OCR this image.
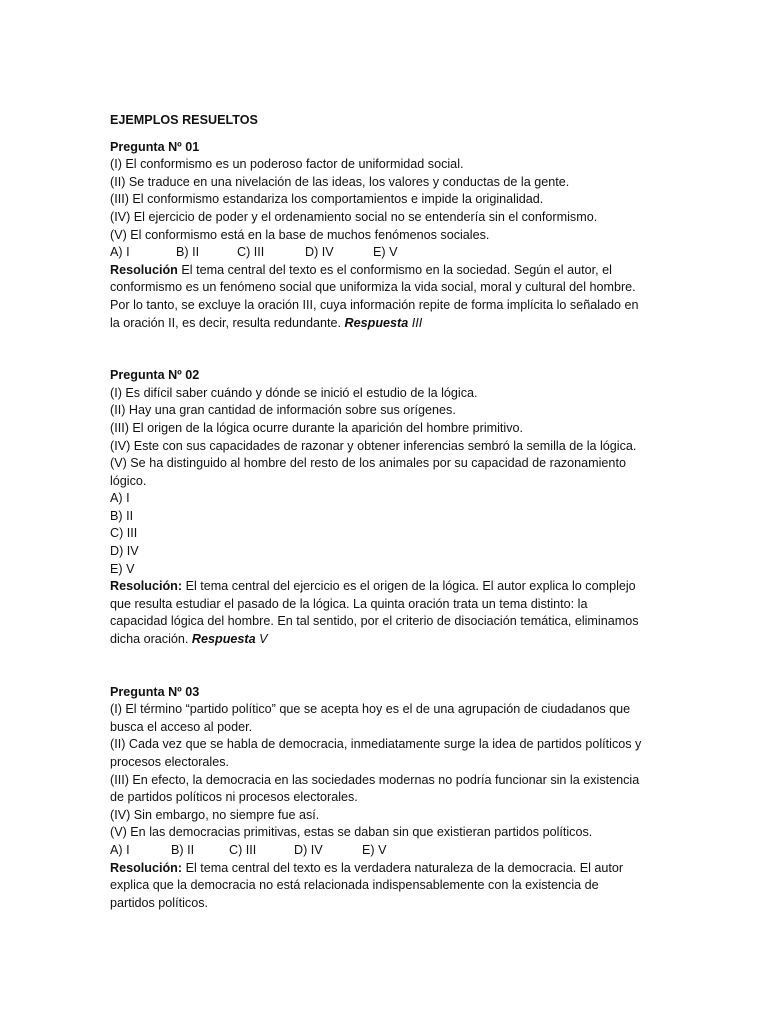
EJEMPLOS RESUELTOS
Pregunta Nº 01
(I) El conformismo es un poderoso factor de uniformidad social.
(II) Se traduce en una nivelación de las ideas, los valores y conductas de la gente.
(III) El conformismo estandariza los comportamientos e impide la originalidad.
(IV) El ejercicio de poder y el ordenamiento social no se entendería sin el conformismo.
(V) El conformismo está en la base de muchos fenómenos sociales.
A) I	B) II	C) III	D) IV	E) V
Resolución El tema central del texto es el conformismo en la sociedad. Según el autor, el
conformismo es un fenómeno social que uniformiza la vida social, moral y cultural del hombre.
Por lo tanto, se excluye la oración III, cuya información repite de forma implícita lo señalado en
la oración II, es decir, resulta redundante. Respuesta III
Pregunta Nº 02
(I) Es difícil saber cuándo y dónde se inició el estudio de la lógica.
(II) Hay una gran cantidad de información sobre sus orígenes.
(III) El origen de la lógica ocurre durante la aparición del hombre primitivo.
(IV) Este con sus capacidades de razonar y obtener inferencias sembró la semilla de la lógica.
(V) Se ha distinguido al hombre del resto de los animales por su capacidad de razonamiento
lógico.
A) I
B) II
C) III
D) IV
E) V
Resolución: El tema central del ejercicio es el origen de la lógica. El autor explica lo complejo
que resulta estudiar el pasado de la lógica. La quinta oración trata un tema distinto: la
capacidad lógica del hombre. En tal sentido, por el criterio de disociación temática, eliminamos
dicha oración. Respuesta V
Pregunta Nº 03
(I) El término “partido político” que se acepta hoy es el de una agrupación de ciudadanos que
busca el acceso al poder.
(II) Cada vez que se habla de democracia, inmediatamente surge la idea de partidos políticos y
procesos electorales.
(III) En efecto, la democracia en las sociedades modernas no podría funcionar sin la existencia
de partidos políticos ni procesos electorales.
(IV) Sin embargo, no siempre fue así.
(V) En las democracias primitivas, estas se daban sin que existieran partidos políticos.
A) I	B) II	C) III	D) IV	E) V
Resolución: El tema central del texto es la verdadera naturaleza de la democracia. El autor
explica que la democracia no está relacionada indispensablemente con la existencia de
partidos políticos.
